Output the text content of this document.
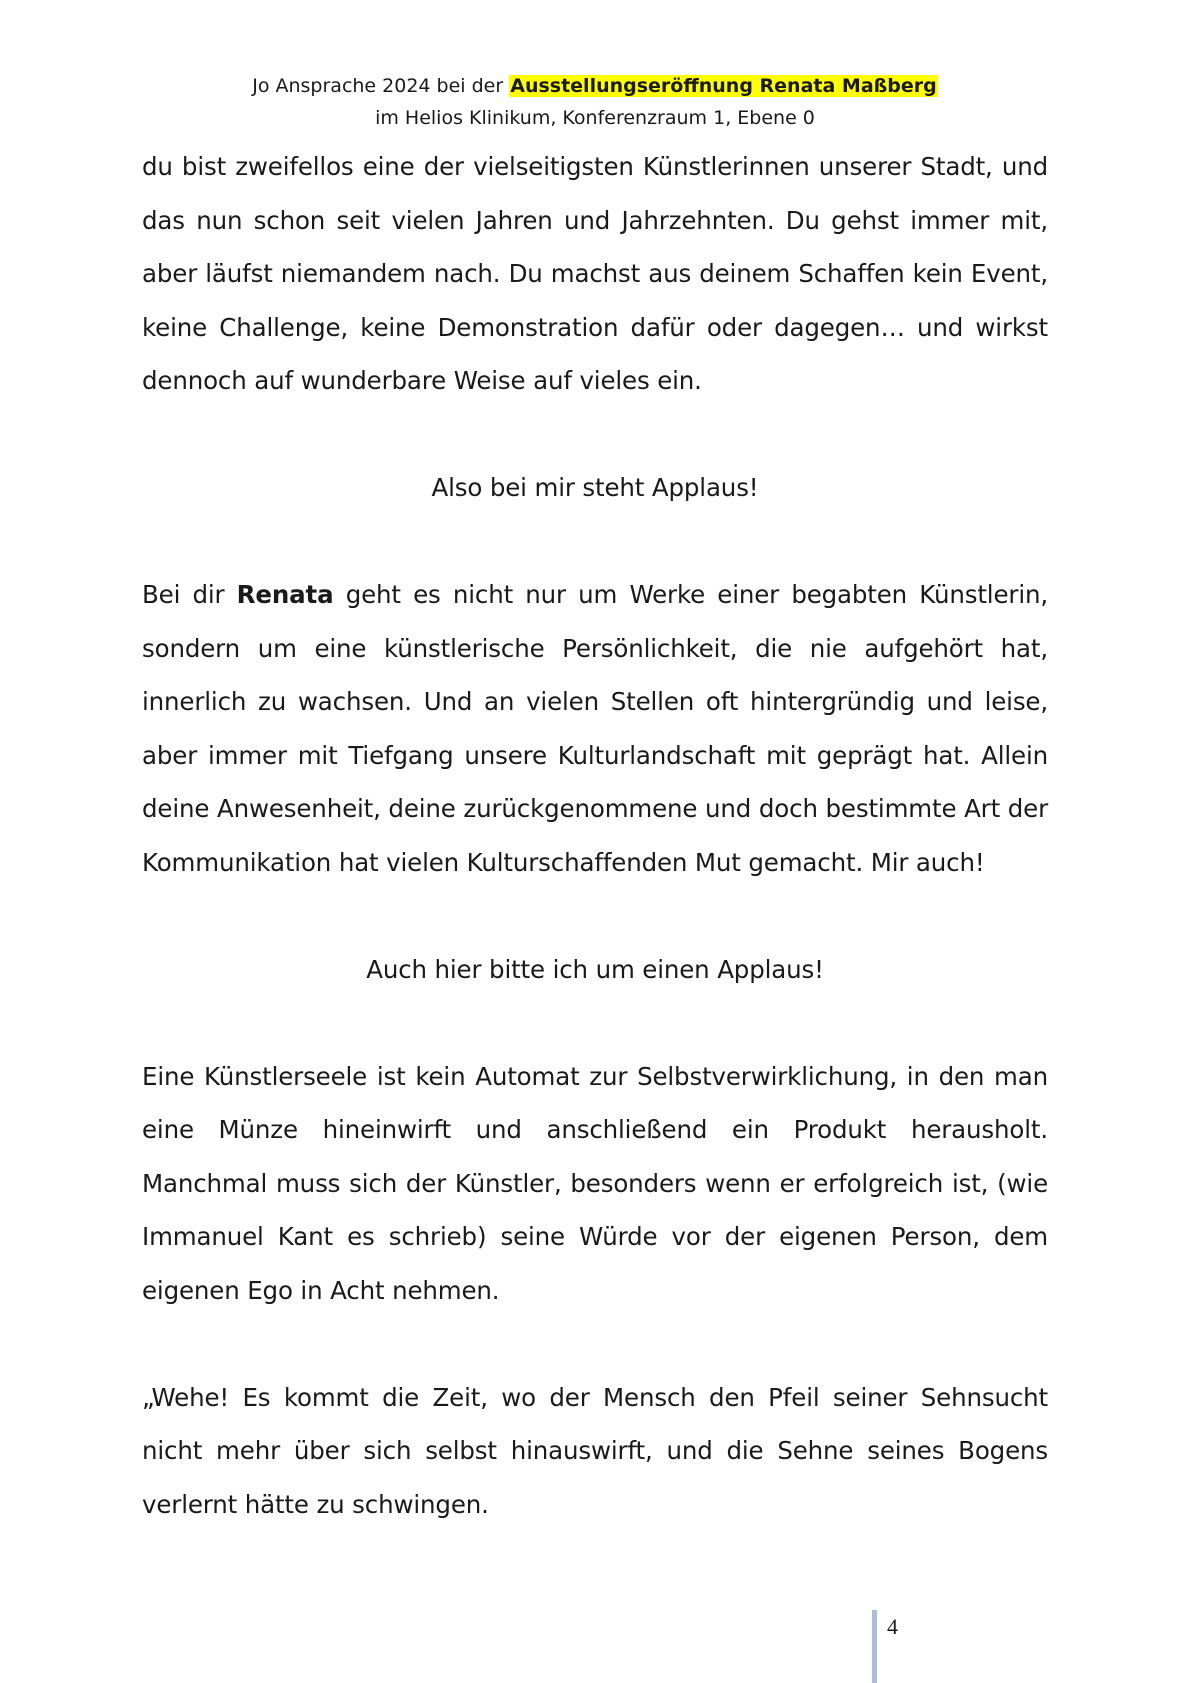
Jo Ansprache 2024 bei der Ausstellungseröffnung Renata Maßberg
im Helios Klinikum, Konferenzraum 1, Ebene 0

du bist zweifellos eine der vielseitigsten Künstlerinnen unserer Stadt, und das nun schon seit vielen Jahren und Jahrzehnten. Du gehst immer mit, aber läufst niemandem nach. Du machst aus deinem Schaffen kein Event, keine Challenge, keine Demonstration dafür oder dagegen… und wirkst dennoch auf wunderbare Weise auf vieles ein.

Also bei mir steht Applaus!

Bei dir Renata geht es nicht nur um Werke einer begabten Künstlerin, sondern um eine künstlerische Persönlichkeit, die nie aufgehört hat, innerlich zu wachsen. Und an vielen Stellen oft hintergründig und leise, aber immer mit Tiefgang unsere Kulturlandschaft mit geprägt hat. Allein deine Anwesenheit, deine zurückgenommene und doch bestimmte Art der Kommunikation hat vielen Kulturschaffenden Mut gemacht. Mir auch!

Auch hier bitte ich um einen Applaus!

Eine Künstlerseele ist kein Automat zur Selbstverwirklichung, in den man eine Münze hineinwirft und anschließend ein Produkt herausholt. Manchmal muss sich der Künstler, besonders wenn er erfolgreich ist, (wie Immanuel Kant es schrieb) seine Würde vor der eigenen Person, dem eigenen Ego in Acht nehmen.

„Wehe! Es kommt die Zeit, wo der Mensch den Pfeil seiner Sehnsucht nicht mehr über sich selbst hinauswirft, und die Sehne seines Bogens verlernt hätte zu schwingen.

4
